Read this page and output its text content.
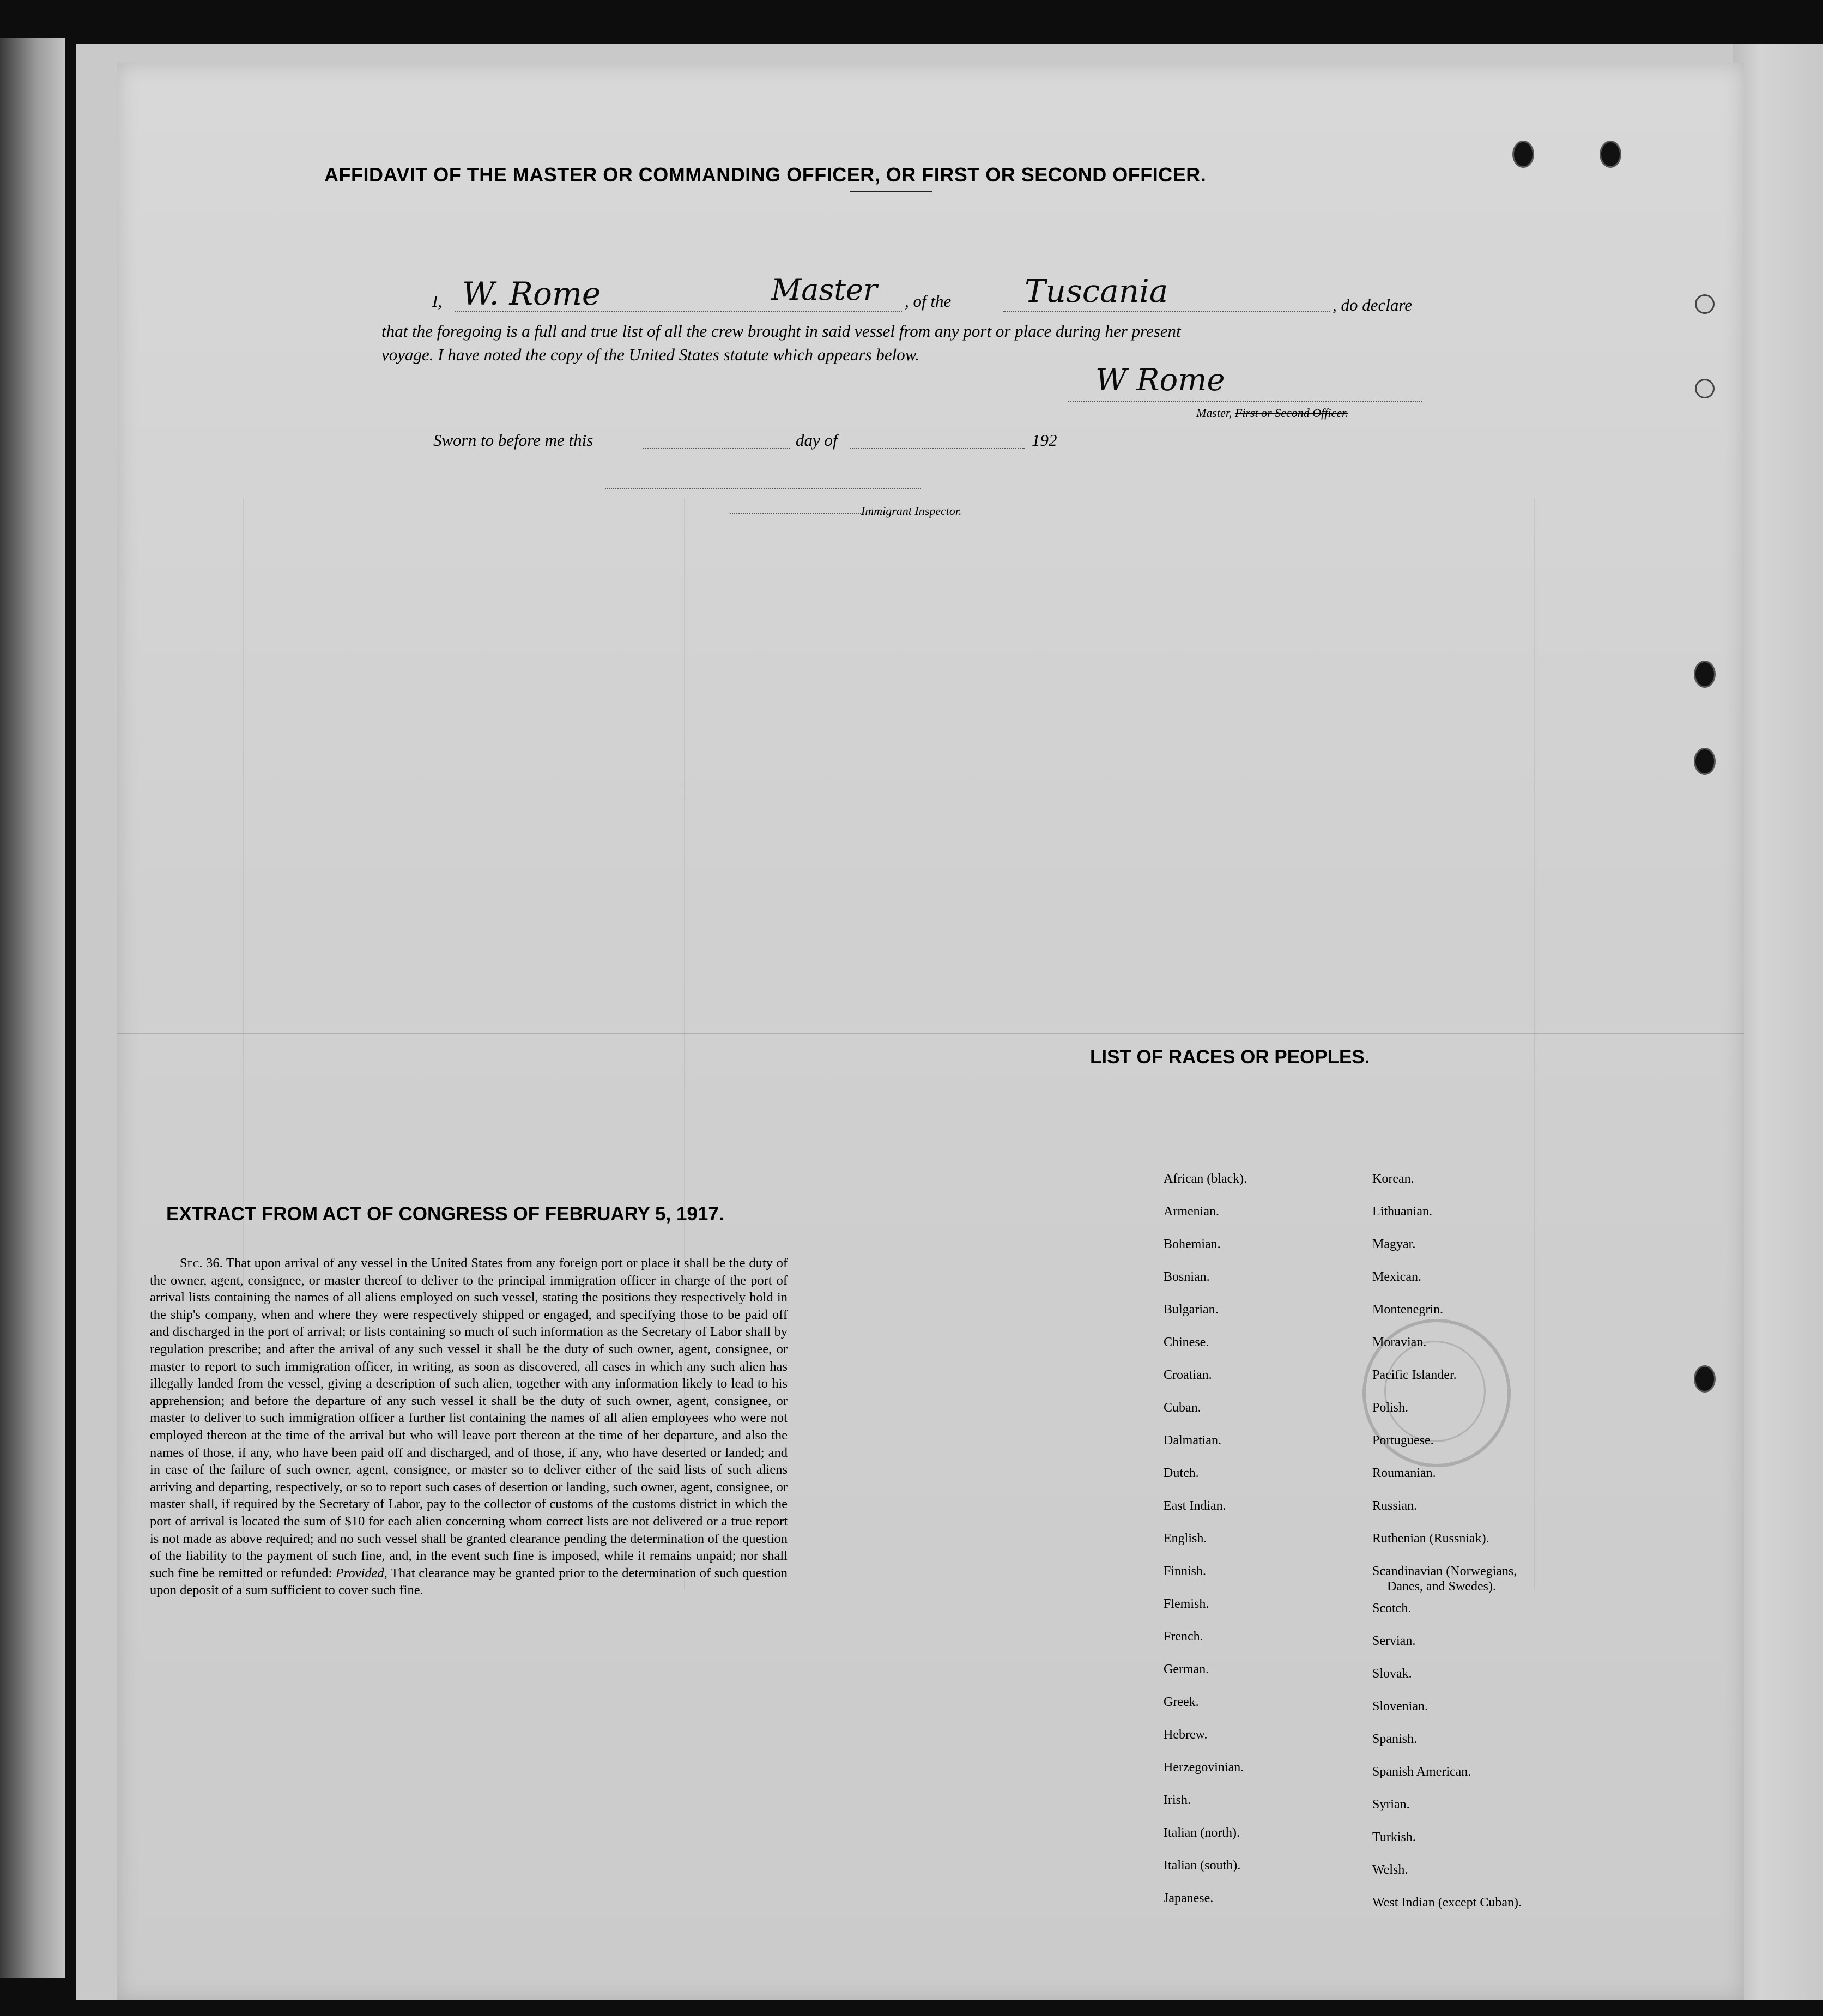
AFFIDAVIT OF THE MASTER OR COMMANDING OFFICER, OR FIRST OR SECOND OFFICER.
I, W. Rome	Master , of the Tuscania	, do declare
that the foregoing is a full and true list of all the crew brought in said vessel from any port or place during her present
voyage. I have noted the copy of the United States statute which appears below.
W Rome
Master, First or Second Officer.
Sworn to before me this	day of	192
Immigrant Inspector.
EXTRACT FROM ACT OF CONGRESS OF FEBRUARY 5, 1917.
Sec. 36. That upon arrival of any vessel in the United States from any foreign port or place it shall be the duty of the owner, agent, consignee, or master thereof to deliver to the principal immigration officer in charge of the port of arrival lists containing the names of all aliens employed on such vessel, stating the positions they respectively hold in the ship's company, when and where they were respectively shipped or engaged, and specifying those to be paid off and discharged in the port of arrival; or lists containing so much of such information as the Secretary of Labor shall by regulation prescribe; and after the arrival of any such vessel it shall be the duty of such owner, agent, consignee, or master to report to such immigration officer, in writing, as soon as discovered, all cases in which any such alien has illegally landed from the vessel, giving a description of such alien, together with any information likely to lead to his apprehension; and before the departure of any such vessel it shall be the duty of such owner, agent, consignee, or master to deliver to such immigration officer a further list containing the names of all alien employees who were not employed thereon at the time of the arrival but who will leave port thereon at the time of her departure, and also the names of those, if any, who have been paid off and discharged, and of those, if any, who have deserted or landed; and in case of the failure of such owner, agent, consignee, or master so to deliver either of the said lists of such aliens arriving and departing, respectively, or so to report such cases of desertion or landing, such owner, agent, consignee, or master shall, if required by the Secretary of Labor, pay to the collector of customs of the customs district in which the port of arrival is located the sum of $10 for each alien concerning whom correct lists are not delivered or a true report is not made as above required; and no such vessel shall be granted clearance pending the determination of the question of the liability to the payment of such fine, and, in the event such fine is imposed, while it remains unpaid; nor shall such fine be remitted or refunded: Provided, That clearance may be granted prior to the determination of such question upon deposit of a sum sufficient to cover such fine.
LIST OF RACES OR PEOPLES.
African (black).
Armenian.
Bohemian.
Bosnian.
Bulgarian.
Chinese.
Croatian.
Cuban.
Dalmatian.
Dutch.
East Indian.
English.
Finnish.
Flemish.
French.
German.
Greek.
Hebrew.
Herzegovinian.
Irish.
Italian (north).
Italian (south).
Japanese.
Korean.
Lithuanian.
Magyar.
Mexican.
Montenegrin.
Moravian.
Pacific Islander.
Polish.
Portuguese.
Roumanian.
Russian.
Ruthenian (Russniak).
Scandinavian (Norwegians,
Danes, and Swedes).
Scotch.
Servian.
Slovak.
Slovenian.
Spanish.
Spanish American.
Syrian.
Turkish.
Welsh.
West Indian (except Cuban).
